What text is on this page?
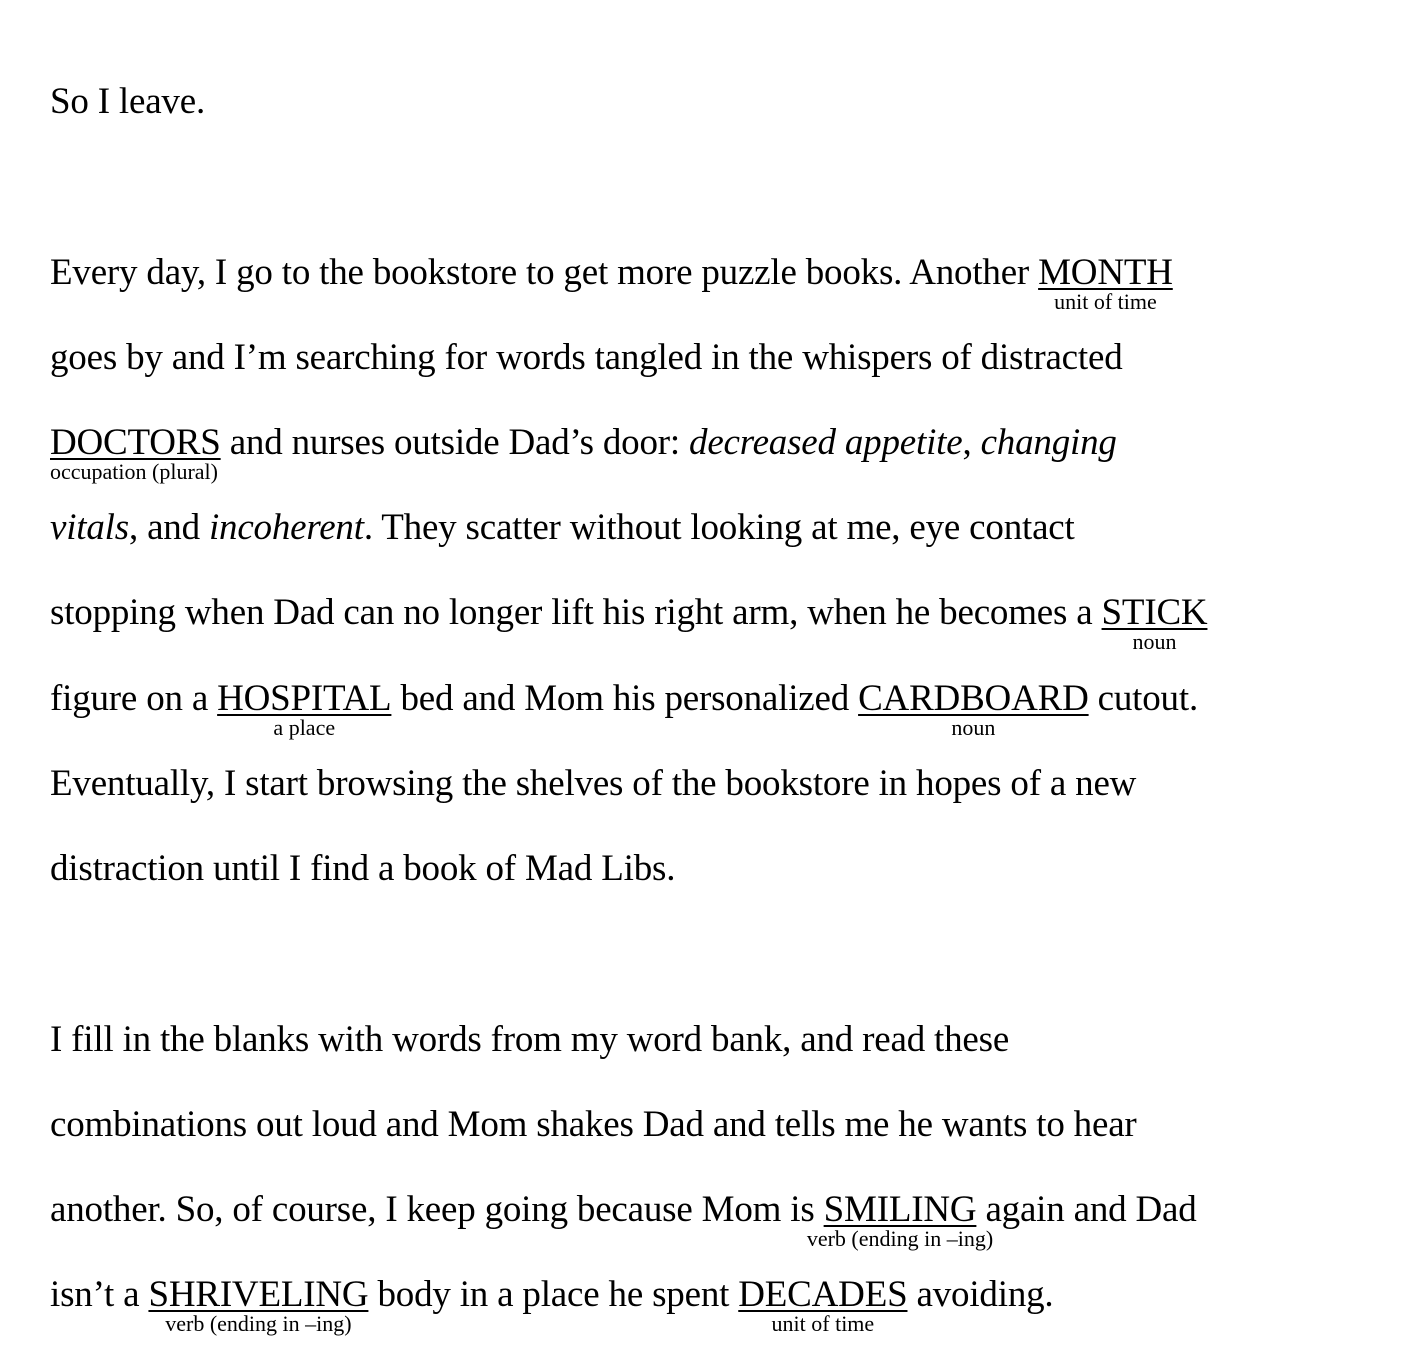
So I leave.
Every day, I go to the bookstore to get more puzzle books. Another MONTH
unit of time
goes by and I’m searching for words tangled in the whispers of distracted
DOCTORS
occupation (plural)
and nurses outside Dad’s door: decreased appetite, changing
vitals, and incoherent. They scatter without looking at me, eye contact
stopping when Dad can no longer lift his right arm, when he becomes a STICK
noun
figure on a HOSPITAL
a place
bed and Mom his personalized CARDBOARD
noun
cutout.
Eventually, I start browsing the shelves of the bookstore in hopes of a new
distraction until I find a book of Mad Libs.
I fill in the blanks with words from my word bank, and read these
combinations out loud and Mom shakes Dad and tells me he wants to hear
another. So, of course, I keep going because Mom is SMILING
verb (ending in –ing)
again and Dad
isn’t a SHRIVELING
verb (ending in –ing)
body in a place he spent DECADES
unit of time
avoiding.
